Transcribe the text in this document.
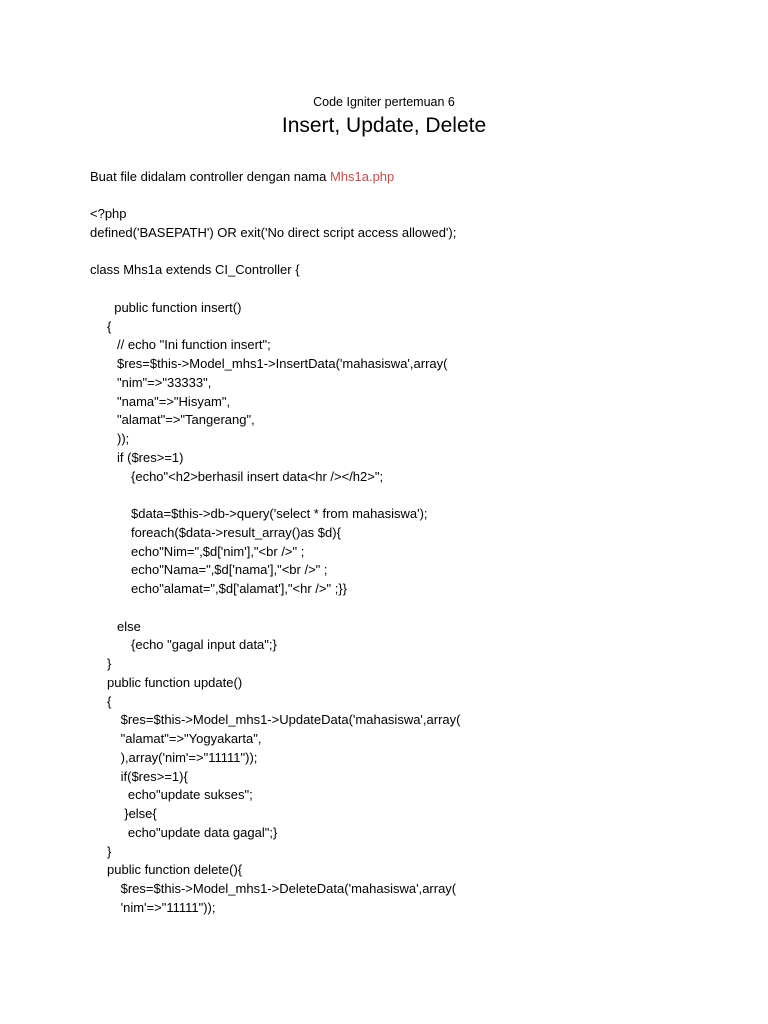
Code Igniter pertemuan 6
Insert, Update, Delete
Buat file didalam controller dengan nama Mhs1a.php
<?php
defined('BASEPATH') OR exit('No direct script access allowed');
class Mhs1a extends CI_Controller {
public function insert()
{
// echo "Ini function insert";
$res=$this->Model_mhs1->InsertData('mahasiswa',array(
"nim"=>"33333",
"nama"=>"Hisyam",
"alamat"=>"Tangerang",
));
if ($res>=1)
{echo"<h2>berhasil insert data<hr /></h2>";
$data=$this->db->query('select * from mahasiswa');
foreach($data->result_array()as $d){
echo"Nim=",$d['nim'],"<br />" ;
echo"Nama=",$d['nama'],"<br />" ;
echo"alamat=",$d['alamat'],"<hr />" ;}}
else
{echo "gagal input data";}
}
public function update()
{
$res=$this->Model_mhs1->UpdateData('mahasiswa',array(
"alamat"=>"Yogyakarta",
),array('nim'=>"11111"));
if($res>=1){
echo"update sukses";
}else{
echo"update data gagal";}
}
public function delete(){
$res=$this->Model_mhs1->DeleteData('mahasiswa',array(
'nim'=>"11111"));
